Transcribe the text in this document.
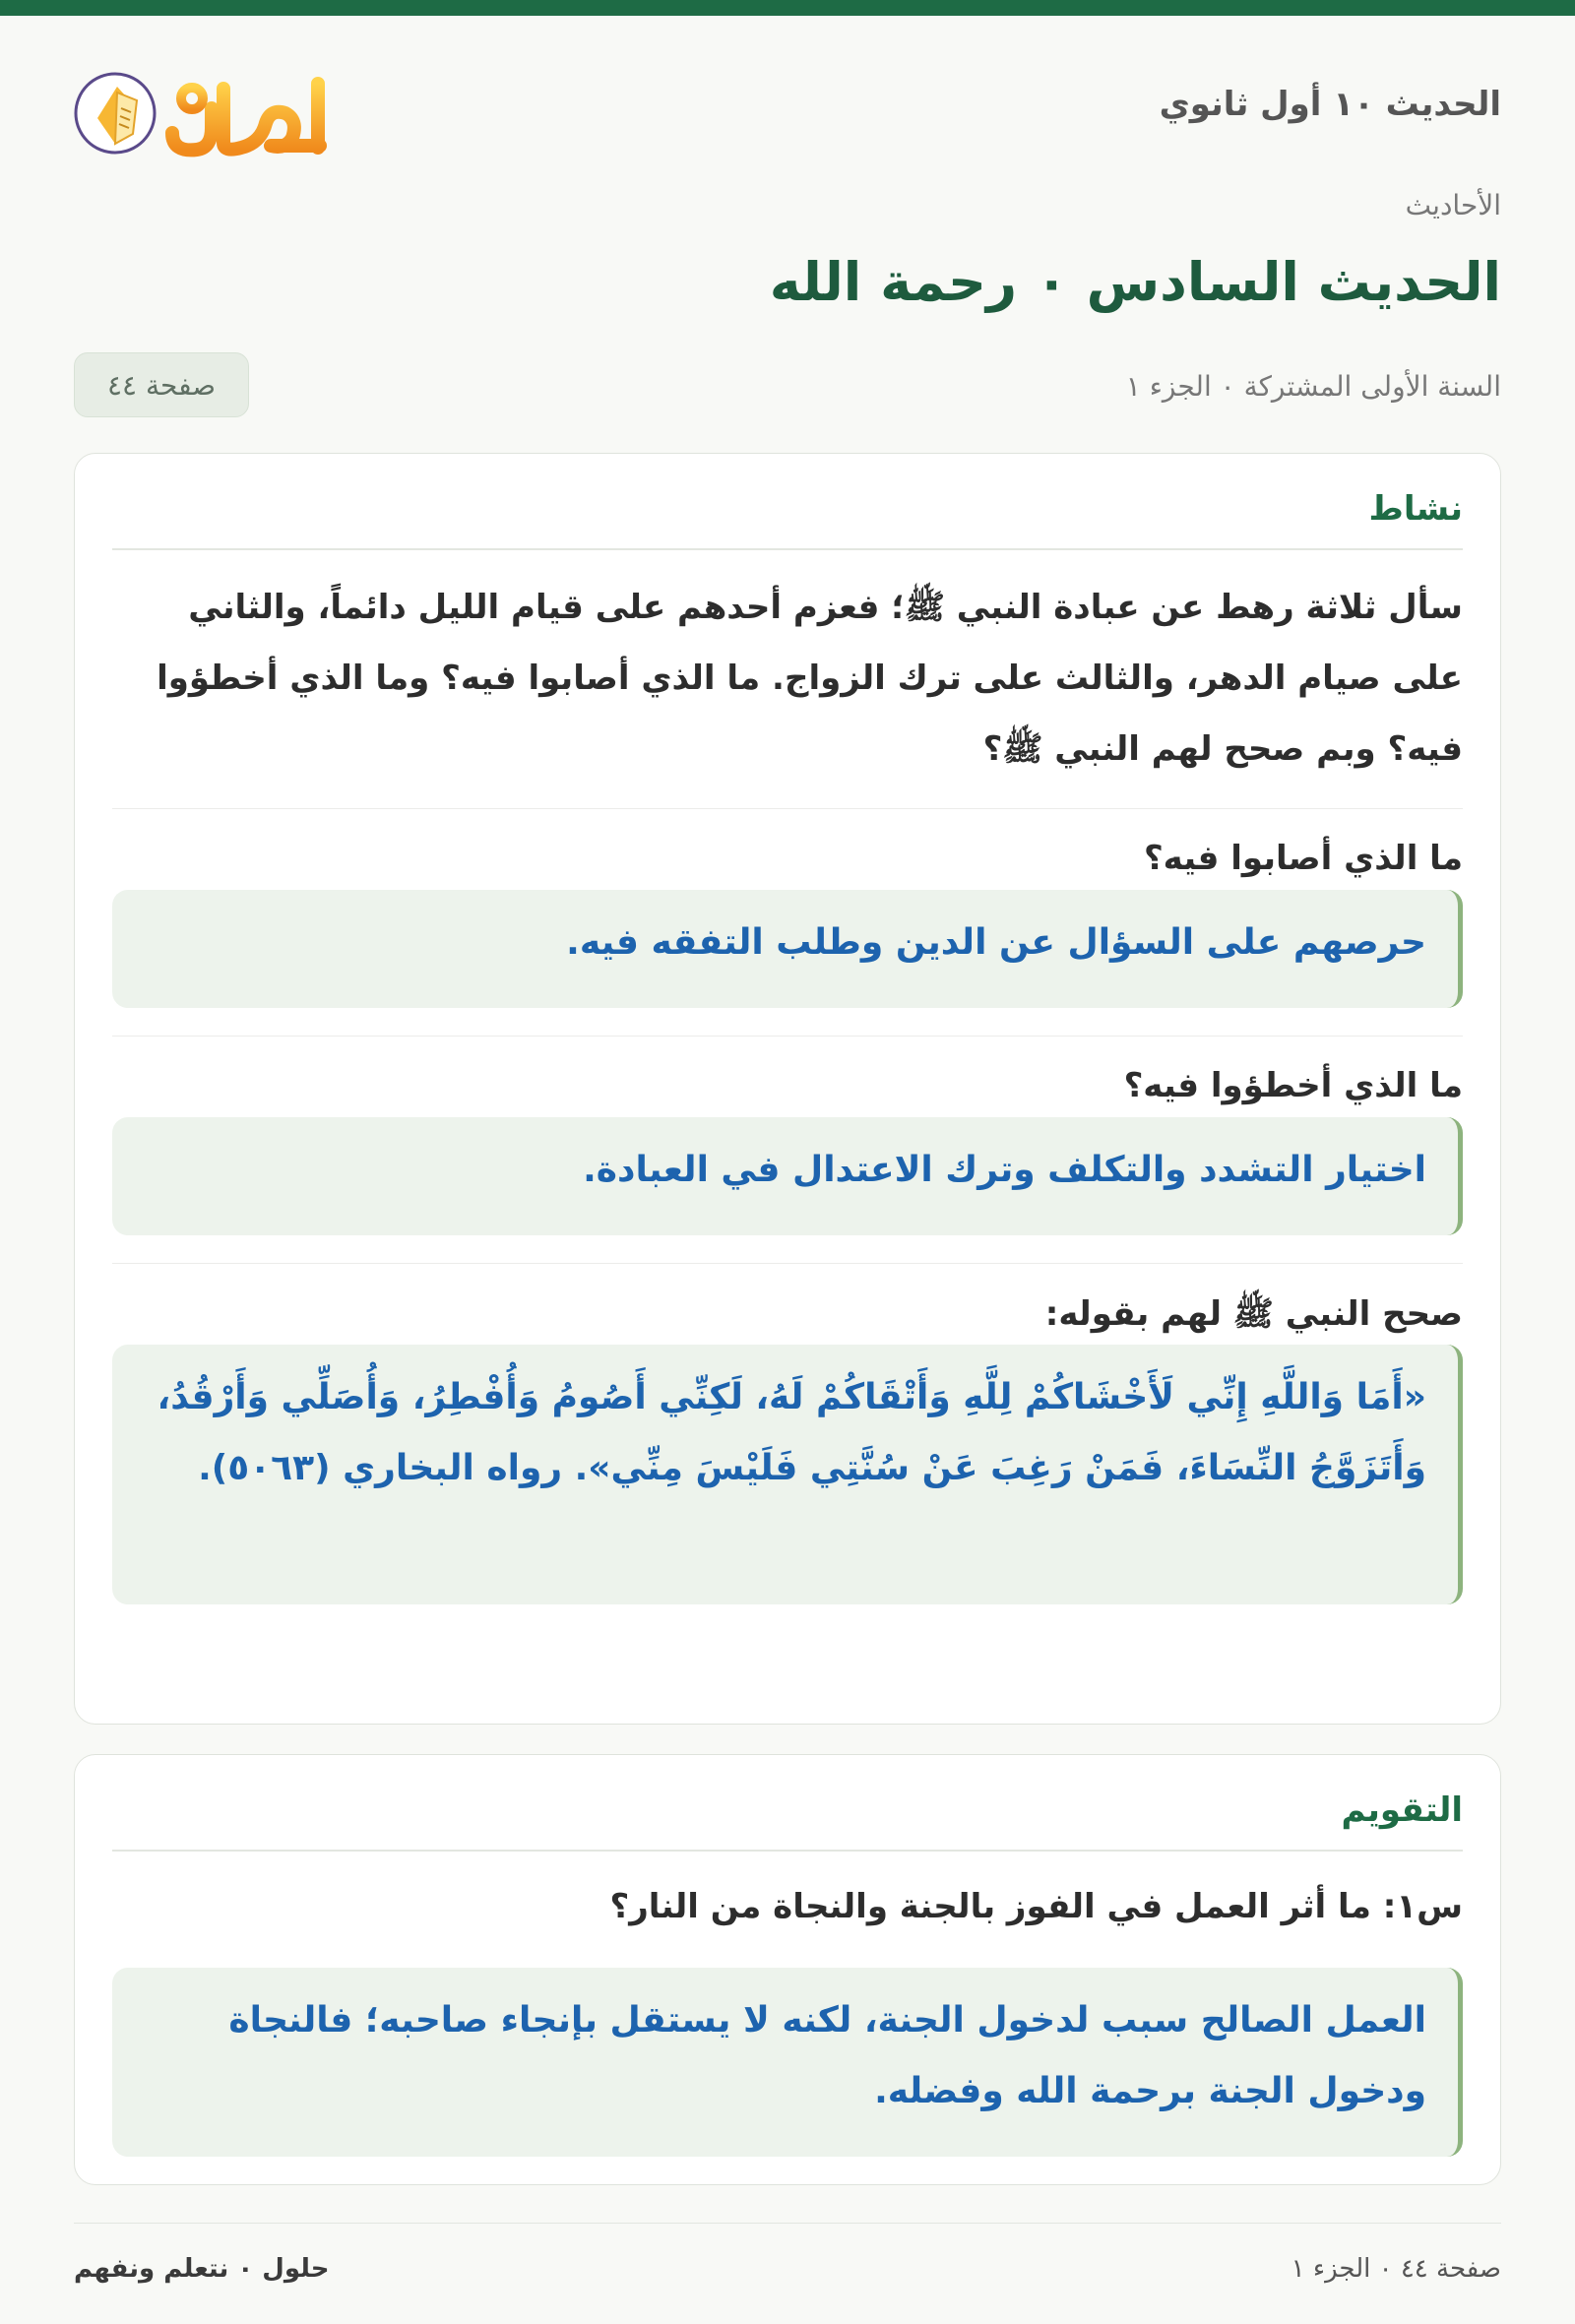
الحديث ١٠ أول ثانوي
الأحاديث
الحديث السادس ٠ رحمة الله
السنة الأولى المشتركة ٠ الجزء ١
صفحة ٤٤
نشاط
سأل ثلاثة رهط عن عبادة النبي ﷺ؛ فعزم أحدهم على قيام الليل دائماً، والثاني على صيام الدهر، والثالث على ترك الزواج. ما الذي أصابوا فيه؟ وما الذي أخطؤوا فيه؟ وبم صحح لهم النبي ﷺ؟
ما الذي أصابوا فيه؟
حرصهم على السؤال عن الدين وطلب التفقه فيه.
ما الذي أخطؤوا فيه؟
اختيار التشدد والتكلف وترك الاعتدال في العبادة.
صحح النبي ﷺ لهم بقوله:
«أَمَا وَاللَّهِ إِنِّي لَأَخْشَاكُمْ لِلَّهِ وَأَتْقَاكُمْ لَهُ، لَكِنِّي أَصُومُ وَأُفْطِرُ، وَأُصَلِّي وَأَرْقُدُ، وَأَتَزَوَّجُ النِّسَاءَ، فَمَنْ رَغِبَ عَنْ سُنَّتِي فَلَيْسَ مِنِّي». رواه البخاري (٥٠٦٣).
التقويم
س١: ما أثر العمل في الفوز بالجنة والنجاة من النار؟
العمل الصالح سبب لدخول الجنة، لكنه لا يستقل بإنجاء صاحبه؛ فالنجاة ودخول الجنة برحمة الله وفضله.
صفحة ٤٤ ٠ الجزء ١
حلول ٠ نتعلم ونفهم
